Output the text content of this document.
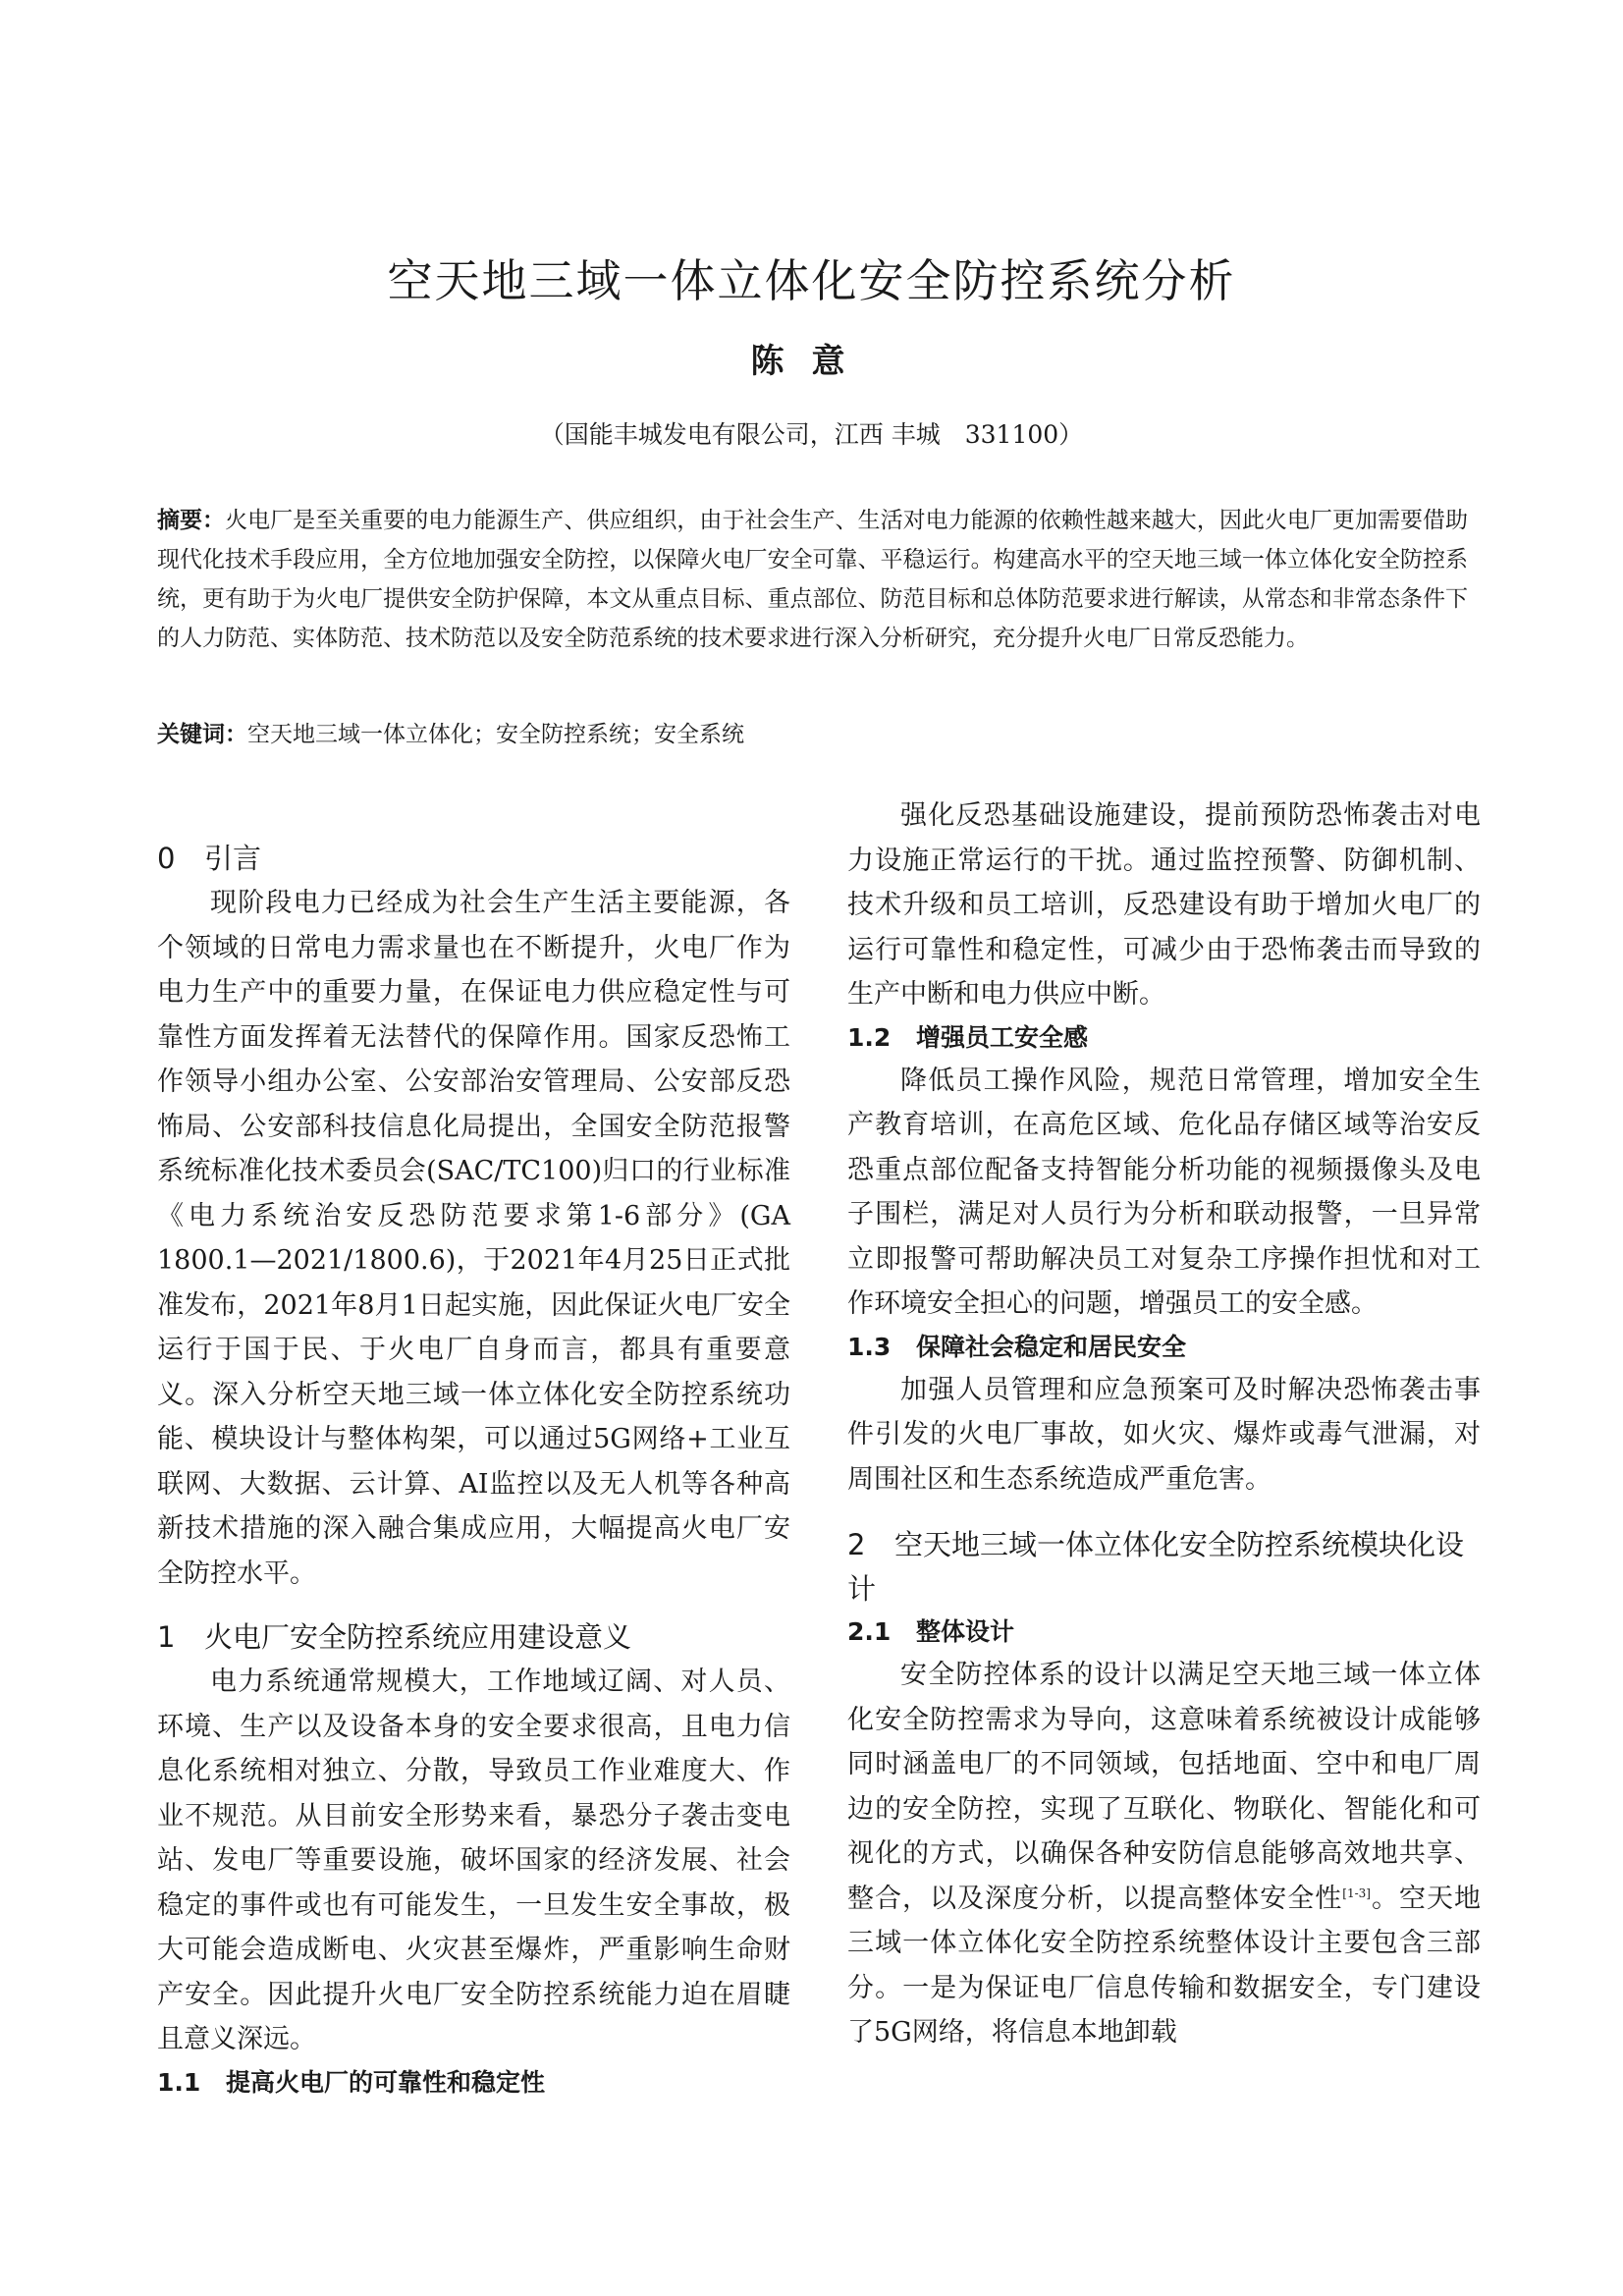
空天地三域一体立体化安全防控系统分析
陈意
（国能丰城发电有限公司，江西 丰城　331100）
摘要：火电厂是至关重要的电力能源生产、供应组织，由于社会生产、生活对电力能源的依赖性越来越大，因此火电厂更加需要借助现代化技术手段应用，全方位地加强安全防控，以保障火电厂安全可靠、平稳运行。构建高水平的空天地三域一体立体化安全防控系统，更有助于为火电厂提供安全防护保障，本文从重点目标、重点部位、防范目标和总体防范要求进行解读，从常态和非常态条件下的人力防范、实体防范、技术防范以及安全防范系统的技术要求进行深入分析研究，充分提升火电厂日常反恐能力。
关键词：空天地三域一体立体化；安全防控系统；安全系统
0 引言

现阶段电力已经成为社会生产生活主要能源，各个领域的日常电力需求量也在不断提升，火电厂作为电力生产中的重要力量，在保证电力供应稳定性与可靠性方面发挥着无法替代的保障作用。国家反恐怖工作领导小组办公室、公安部治安管理局、公安部反恐怖局、公安部科技信息化局提出，全国安全防范报警系统标准化技术委员会(SAC/TC100)归口的行业标准《电力系统治安反恐防范要求第1-6部分》(GA 1800.1—2021/1800.6)，于2021年4月25日正式批准发布，2021年8月1日起实施，因此保证火电厂安全运行于国于民、于火电厂自身而言，都具有重要意义。深入分析空天地三域一体立体化安全防控系统功能、模块设计与整体构架，可以通过5G网络+工业互联网、大数据、云计算、AI监控以及无人机等各种高新技术措施的深入融合集成应用，大幅提高火电厂安全防控水平。

1 火电厂安全防控系统应用建设意义

电力系统通常规模大，工作地域辽阔、对人员、环境、生产以及设备本身的安全要求很高，且电力信息化系统相对独立、分散，导致员工作业难度大、作业不规范。从目前安全形势来看，暴恐分子袭击变电站、发电厂等重要设施，破坏国家的经济发展、社会稳定的事件或也有可能发生，一旦发生安全事故，极大可能会造成断电、火灾甚至爆炸，严重影响生命财产安全。因此提升火电厂安全防控系统能力迫在眉睫且意义深远。

1.1 提高火电厂的可靠性和稳定性

强化反恐基础设施建设，提前预防恐怖袭击对电力设施正常运行的干扰。通过监控预警、防御机制、技术升级和员工培训，反恐建设有助于增加火电厂的运行可靠性和稳定性，可减少由于恐怖袭击而导致的生产中断和电力供应中断。

1.2 增强员工安全感

降低员工操作风险，规范日常管理，增加安全生产教育培训，在高危区域、危化品存储区域等治安反恐重点部位配备支持智能分析功能的视频摄像头及电子围栏，满足对人员行为分析和联动报警，一旦异常立即报警可帮助解决员工对复杂工序操作担忧和对工作环境安全担心的问题，增强员工的安全感。

1.3 保障社会稳定和居民安全

加强人员管理和应急预案可及时解决恐怖袭击事件引发的火电厂事故，如火灾、爆炸或毒气泄漏，对周围社区和生态系统造成严重危害。

2 空天地三域一体立体化安全防控系统模块化设计
2.1 整体设计

安全防控体系的设计以满足空天地三域一体立体化安全防控需求为导向，这意味着系统被设计成能够同时涵盖电厂的不同领域，包括地面、空中和电厂周边的安全防控，实现了互联化、物联化、智能化和可视化的方式，以确保各种安防信息能够高效地共享、整合，以及深度分析，以提高整体安全性[1-3]。空天地三域一体立体化安全防控系统整体设计主要包含三部分。一是为保证电厂信息传输和数据安全，专门建设了5G网络，将信息本地卸载
